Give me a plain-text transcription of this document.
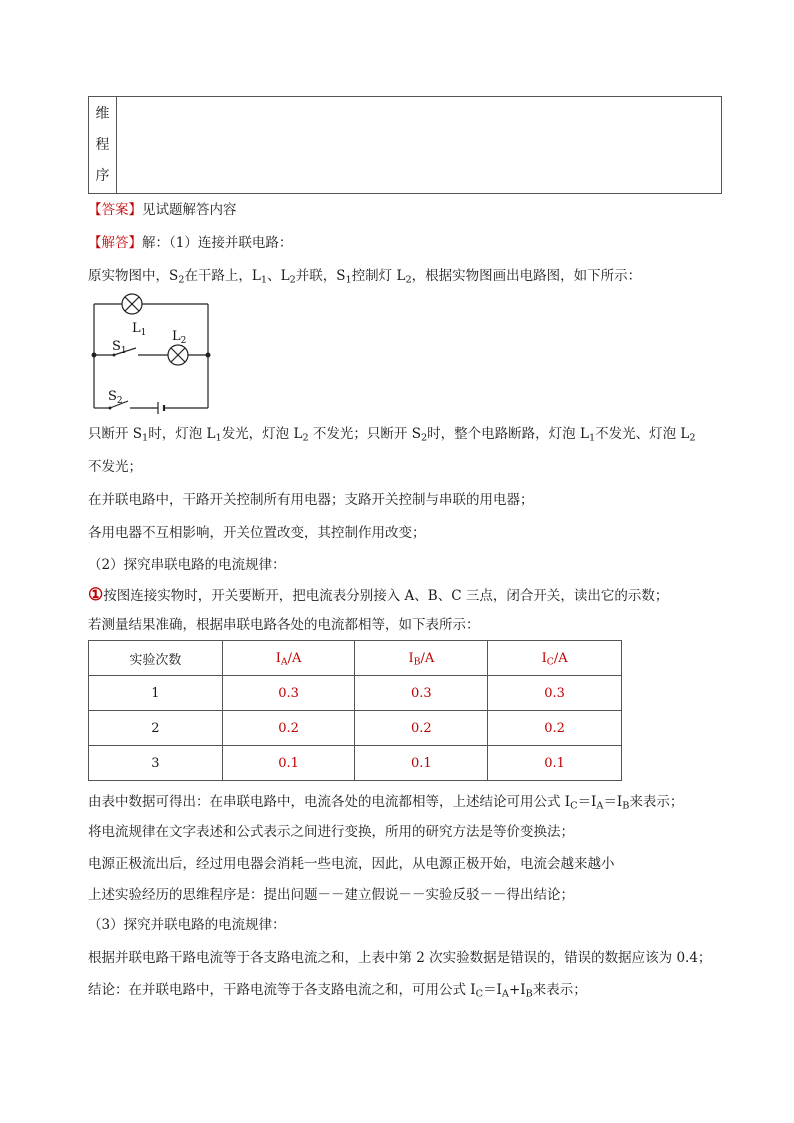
维
程
序
【答案】见试题解答内容
【解答】解：（1）连接并联电路：
原实物图中，$S_2$在干路上，$L_1$、$L_2$并联，$S_1$控制灯 $L_2$，根据实物图画出电路图，如下所示：
$L_1$ $L_2$
$S_1$
$S_2$
只断开 $S_1$时，灯泡 $L_1$发光，灯泡 $L_2$ 不发光；只断开 $S_2$时，整个电路断路，灯泡 $L_1$不发光、灯泡 $L_2$
不发光；
在并联电路中，干路开关控制所有用电器；支路开关控制与串联的用电器；
各用电器不互相影响，开关位置改变，其控制作用改变；
（2）探究串联电路的电流规律：
①按图连接实物时，开关要断开，把电流表分别接入 A、B、C 三点，闭合开关，读出它的示数；
若测量结果准确，根据串联电路各处的电流都相等，如下表所示：
实验次数	$I_A/A$	$I_B/A$	$I_C/A$
1	0.3	0.3	0.3
2	0.2	0.2	0.2
3	0.1	0.1	0.1
由表中数据可得出：在串联电路中，电流各处的电流都相等，上述结论可用公式 $I_C=I_A=I_B$来表示；
将电流规律在文字表述和公式表示之间进行变换，所用的研究方法是等价变换法；
电源正极流出后，经过用电器会消耗一些电流，因此，从电源正极开始，电流会越来越小
上述实验经历的思维程序是：提出问题－－建立假说－－实验反驳－－得出结论；
（3）探究并联电路的电流规律：
根据并联电路干路电流等于各支路电流之和，上表中第 2 次实验数据是错误的，错误的数据应该为 0.4；
结论：在并联电路中，干路电流等于各支路电流之和，可用公式 $I_C=I_A+I_B$来表示；
